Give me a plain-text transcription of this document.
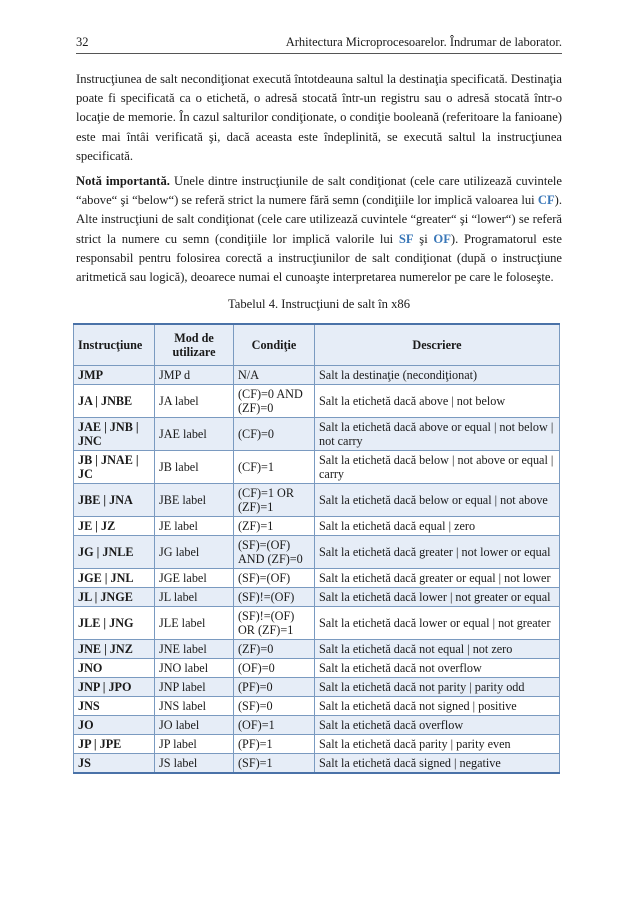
32	Arhitectura Microprocesoarelor. Îndrumar de laborator.

Instrucţiunea de salt necondiţionat execută întotdeauna saltul la destinaţia specificată. Destinaţia poate fi specificată ca o etichetă, o adresă stocată într-un registru sau o adresă stocată într-o locaţie de memorie. În cazul salturilor condiţionate, o condiţie booleană (referitoare la fanioane) este mai întâi verificată şi, dacă aceasta este îndeplinită, se execută saltul la instrucţiunea specificată.

Notă importantă. Unele dintre instrucţiunile de salt condiţionat (cele care utilizează cuvintele “above“ şi “below“) se referă strict la numere fără semn (condiţiile lor implică valoarea lui CF). Alte instrucţiuni de salt condiţionat (cele care utilizează cuvintele “greater“ şi “lower“) se referă strict la numere cu semn (condiţiile lor implică valorile lui SF şi OF). Programatorul este responsabil pentru folosirea corectă a instrucţiunilor de salt condiţionat (după o instrucţiune aritmetică sau logică), deoarece numai el cunoaşte interpretarea numerelor pe care le foloseşte.

Tabelul 4. Instrucţiuni de salt în x86
Instrucţiune	Mod de utilizare	Condiţie	Descriere
JMP	JMP d	N/A	Salt la destinaţie (necondiţionat)
JA | JNBE	JA label	(CF)=0 AND (ZF)=0	Salt la etichetă dacă above | not below
JAE | JNB | JNC	JAE label	(CF)=0	Salt la etichetă dacă above or equal | not below | not carry
JB | JNAE | JC	JB label	(CF)=1	Salt la etichetă dacă below | not above or equal | carry
JBE | JNA	JBE label	(CF)=1 OR (ZF)=1	Salt la etichetă dacă below or equal | not above
JE | JZ	JE label	(ZF)=1	Salt la etichetă dacă equal | zero
JG | JNLE	JG label	(SF)=(OF) AND (ZF)=0	Salt la etichetă dacă greater | not lower or equal
JGE | JNL	JGE label	(SF)=(OF)	Salt la etichetă dacă greater or equal | not lower
JL | JNGE	JL label	(SF)!=(OF)	Salt la etichetă dacă lower | not greater or equal
JLE | JNG	JLE label	(SF)!=(OF) OR (ZF)=1	Salt la etichetă dacă lower or equal | not greater
JNE | JNZ	JNE label	(ZF)=0	Salt la etichetă dacă not equal | not zero
JNO	JNO label	(OF)=0	Salt la etichetă dacă not overflow
JNP | JPO	JNP label	(PF)=0	Salt la etichetă dacă not parity | parity odd
JNS	JNS label	(SF)=0	Salt la etichetă dacă not signed | positive
JO	JO label	(OF)=1	Salt la etichetă dacă overflow
JP | JPE	JP label	(PF)=1	Salt la etichetă dacă parity | parity even
JS	JS label	(SF)=1	Salt la etichetă dacă signed | negative
